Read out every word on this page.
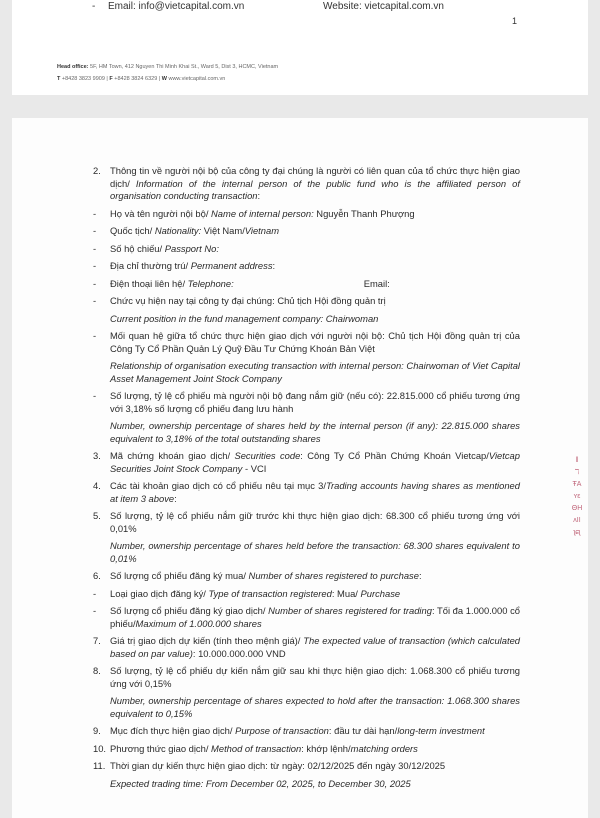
- Email: info@vietcapital.com.vn	Website: vietcapital.com.vn
1
Head office: 5F, HM Town, 412 Nguyen Thi Minh Khai St., Ward 5, Dist 3, HCMC, Vietnam
T +8428 3823 9909 | F +8428 3824 6329 | W www.vietcapital.com.vn
2. Thông tin về người nội bộ của công ty đại chúng là người có liên quan của tổ chức thực hiện giao dịch/ Information of the internal person of the public fund who is the affiliated person of organisation conducting transaction:
- Họ và tên người nội bộ/ Name of internal person: Nguyễn Thanh Phượng
- Quốc tịch/ Nationality: Việt Nam/Vietnam
- Số hộ chiếu/ Passport No:
- Địa chỉ thường trú/ Permanent address:
- Điện thoại liên hệ/ Telephone:	Email:
- Chức vụ hiện nay tại công ty đại chúng: Chủ tịch Hội đồng quản trị
Current position in the fund management company: Chairwoman
- Mối quan hệ giữa tổ chức thực hiện giao dịch với người nội bộ: Chủ tịch Hội đồng quản trị của Công Ty Cổ Phần Quản Lý Quỹ Đầu Tư Chứng Khoán Bản Việt
Relationship of organisation executing transaction with internal person: Chairwoman of Viet Capital Asset Management Joint Stock Company
- Số lượng, tỷ lệ cổ phiếu mà người nội bộ đang nắm giữ (nếu có): 22.815.000 cổ phiếu tương ứng với 3,18% số lượng cổ phiếu đang lưu hành
Number, ownership percentage of shares held by the internal person (if any): 22.815.000 shares equivalent to 3,18% of the total outstanding shares
3. Mã chứng khoán giao dịch/ Securities code: Công Ty Cổ Phần Chứng Khoán Vietcap/Vietcap Securities Joint Stock Company - VCI
4. Các tài khoản giao dịch có cổ phiếu nêu tại mục 3/Trading accounts having shares as mentioned at item 3 above:
5. Số lượng, tỷ lệ cổ phiếu nắm giữ trước khi thực hiện giao dịch: 68.300 cổ phiếu tương ứng với 0,01%
Number, ownership percentage of shares held before the transaction: 68.300 shares equivalent to 0,01%
6. Số lượng cổ phiếu đăng ký mua/ Number of shares registered to purchase:
- Loại giao dịch đăng ký/ Type of transaction registered: Mua/ Purchase
- Số lượng cổ phiếu đăng ký giao dịch/ Number of shares registered for trading: Tối đa 1.000.000 cổ phiếu/Maximum of 1.000.000 shares
7. Giá trị giao dịch dự kiến (tính theo mệnh giá)/ The expected value of transaction (which calculated based on par value): 10.000.000.000 VND
8. Số lượng, tỷ lệ cổ phiếu dự kiến nắm giữ sau khi thực hiện giao dịch: 1.068.300 cổ phiếu tương ứng với 0,15%
Number, ownership percentage of shares expected to hold after the transaction: 1.068.300 shares equivalent to 0,15%
9. Mục đích thực hiện giao dịch/ Purpose of transaction: đầu tư dài hạn/long-term investment
10. Phương thức giao dịch/ Method of transaction: khớp lệnh/matching orders
11. Thời gian dự kiến thực hiện giao dịch: từ ngày: 02/12/2025 đến ngày 30/12/2025
Expected trading time: From December 02, 2025, to December 30, 2025
‖
ℸ
ŦΑ
ʏε
ΘΗ
ᴧII
ʅɕʅ
